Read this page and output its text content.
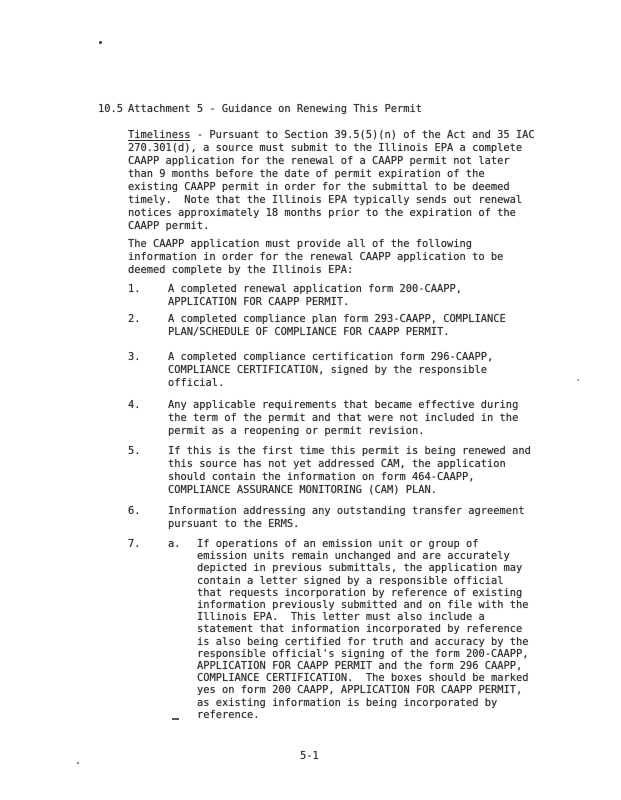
10.5 Attachment 5 - Guidance on Renewing This Permit
Timeliness - Pursuant to Section 39.5(5)(n) of the Act and 35 IAC
270.301(d), a source must submit to the Illinois EPA a complete
CAAPP application for the renewal of a CAAPP permit not later
than 9 months before the date of permit expiration of the
existing CAAPP permit in order for the submittal to be deemed
timely.  Note that the Illinois EPA typically sends out renewal
notices approximately 18 months prior to the expiration of the
CAAPP permit.
The CAAPP application must provide all of the following
information in order for the renewal CAAPP application to be
deemed complete by the Illinois EPA:
1.	A completed renewal application form 200-CAAPP,
APPLICATION FOR CAAPP PERMIT.
2.	A completed compliance plan form 293-CAAPP, COMPLIANCE
PLAN/SCHEDULE OF COMPLIANCE FOR CAAPP PERMIT.
3.	A completed compliance certification form 296-CAAPP,
COMPLIANCE CERTIFICATION, signed by the responsible
official.
4.	Any applicable requirements that became effective during
the term of the permit and that were not included in the
permit as a reopening or permit revision.
5.	If this is the first time this permit is being renewed and
this source has not yet addressed CAM, the application
should contain the information on form 464-CAAPP,
COMPLIANCE ASSURANCE MONITORING (CAM) PLAN.
6.	Information addressing any outstanding transfer agreement
pursuant to the ERMS.
7.	a.	If operations of an emission unit or group of
emission units remain unchanged and are accurately
depicted in previous submittals, the application may
contain a letter signed by a responsible official
that requests incorporation by reference of existing
information previously submitted and on file with the
Illinois EPA.  This letter must also include a
statement that information incorporated by reference
is also being certified for truth and accuracy by the
responsible official's signing of the form 200-CAAPP,
APPLICATION FOR CAAPP PERMIT and the form 296 CAAPP,
COMPLIANCE CERTIFICATION.  The boxes should be marked
yes on form 200 CAAPP, APPLICATION FOR CAAPP PERMIT,
as existing information is being incorporated by
reference.
5-1
